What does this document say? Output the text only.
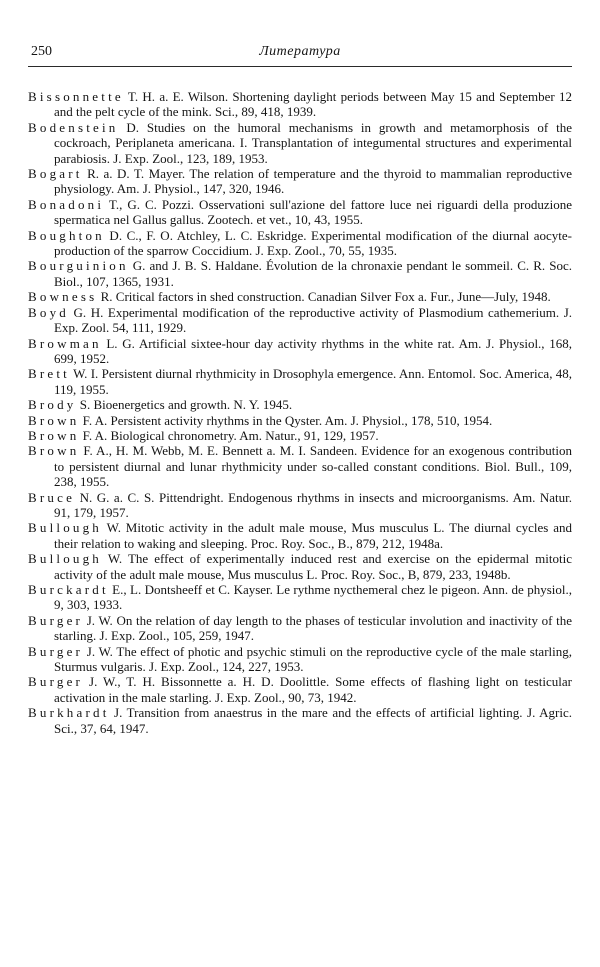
250	Литература
Bissonnette T. H. a. E. Wilson. Shortening daylight periods between May 15 and September 12 and the pelt cycle of the mink. Sci., 89, 418, 1939.
Bodenstein D. Studies on the humoral mechanisms in growth and metamorphosis of the cockroach, Periplaneta americana. I. Transplantation of integumental structures and experimental parabiosis. J. Exp. Zool., 123, 189, 1953.
Bogart R. a. D. T. Mayer. The relation of temperature and the thyroid to mammalian reproductive physiology. Am. J. Physiol., 147, 320, 1946.
Bonadoni T., G. C. Pozzi. Osservationi sull'azione del fattore luce nei riguardi della produzione spermatica nel Gallus gallus. Zootech. et vet., 10, 43, 1955.
Boughton D. C., F. O. Atchley, L. C. Eskridge. Experimental modification of the diurnal aocyte-production of the sparrow Coccidium. J. Exp. Zool., 70, 55, 1935.
Bourguinion G. and J. B. S. Haldane. Évolution de la chronaxie pendant le sommeil. C. R. Soc. Biol., 107, 1365, 1931.
Bowness R. Critical factors in shed construction. Canadian Silver Fox a. Fur., June—July, 1948.
Boyd G. H. Experimental modification of the reproductive activity of Plasmodium cathemerium. J. Exp. Zool. 54, 111, 1929.
Browman L. G. Artificial sixtee-hour day activity rhythms in the white rat. Am. J. Physiol., 168, 699, 1952.
Brett W. I. Persistent diurnal rhythmicity in Drosophyla emergence. Ann. Entomol. Soc. America, 48, 119, 1955.
Brody S. Bioenergetics and growth. N. Y. 1945.
Brown F. A. Persistent activity rhythms in the Qyster. Am. J. Physiol., 178, 510, 1954.
Brown F. A. Biological chronometry. Am. Natur., 91, 129, 1957.
Brown F. A., H. M. Webb, M. E. Bennett a. M. I. Sandeen. Evidence for an exogenous contribution to persistent diurnal and lunar rhythmicity under so-called constant conditions. Biol. Bull., 109, 238, 1955.
Bruce N. G. a. C. S. Pittendright. Endogenous rhythms in insects and microorganisms. Am. Natur. 91, 179, 1957.
Bullough W. Mitotic activity in the adult male mouse, Mus musculus L. The diurnal cycles and their relation to waking and sleeping. Proc. Roy. Soc., B., 879, 212, 1948a.
Bullough W. The effect of experimentally induced rest and exercise on the epidermal mitotic activity of the adult male mouse, Mus musculus L. Proc. Roy. Soc., B, 879, 233, 1948b.
Burckardt E., L. Dontsheeff et C. Kayser. Le rythme nycthemeral chez le pigeon. Ann. de physiol., 9, 303, 1933.
Burger J. W. On the relation of day length to the phases of testicular involution and inactivity of the starling. J. Exp. Zool., 105, 259, 1947.
Burger J. W. The effect of photic and psychic stimuli on the reproductive cycle of the male starling, Sturmus vulgaris. J. Exp. Zool., 124, 227, 1953.
Burger J. W., T. H. Bissonnette a. H. D. Doolittle. Some effects of flashing light on testicular activation in the male starling. J. Exp. Zool., 90, 73, 1942.
Burkhardt J. Transition from anaestrus in the mare and the effects of artificial lighting. J. Agric. Sci., 37, 64, 1947.
